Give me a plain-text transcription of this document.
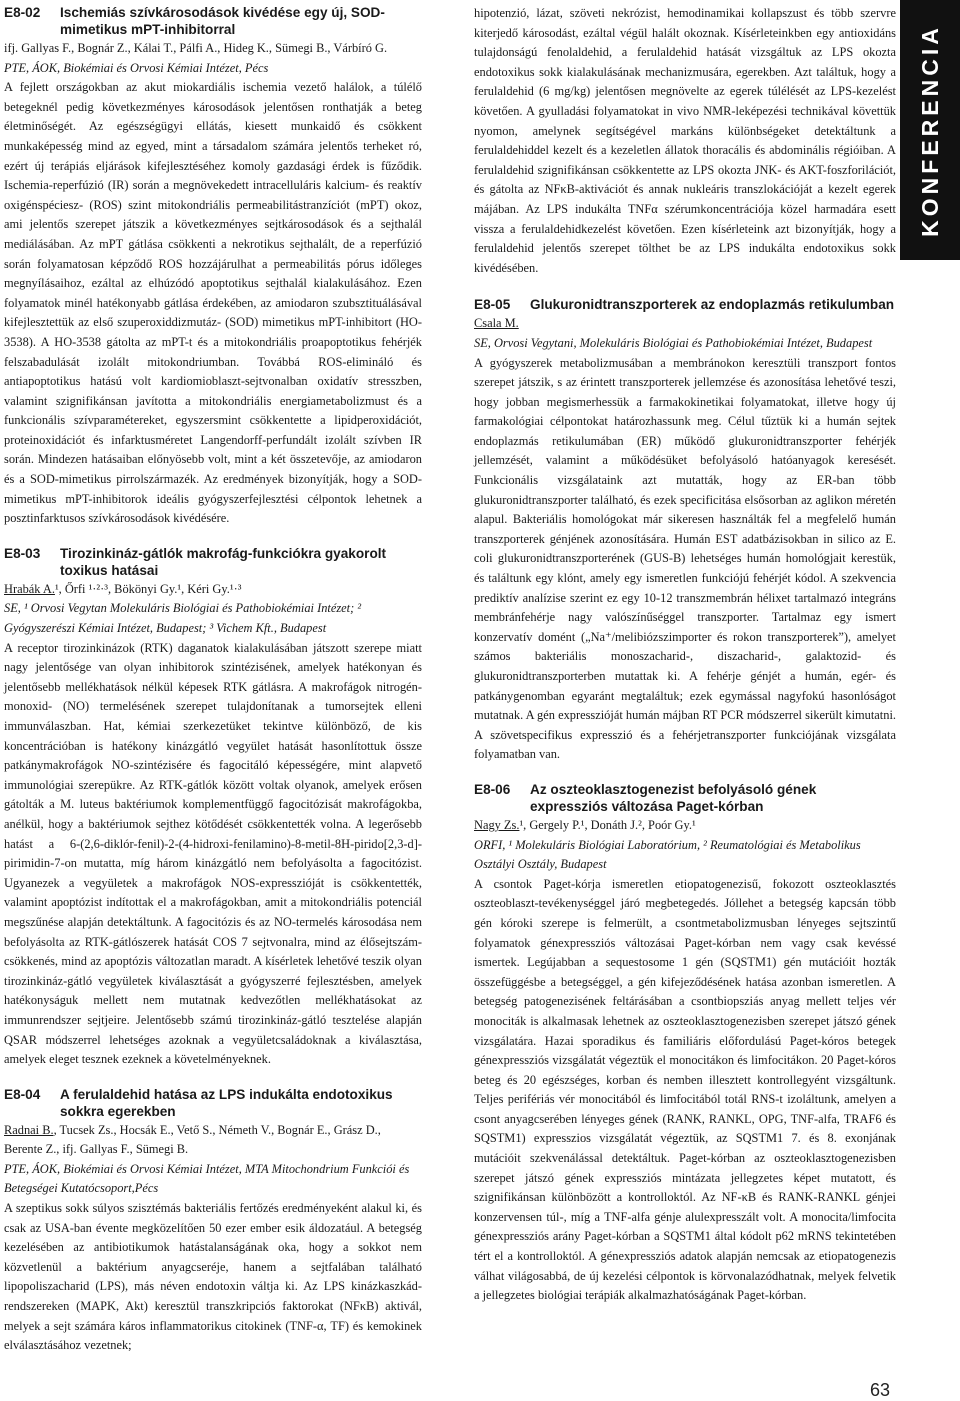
E8-02	Ischemiás szívkárosodások kivédése egy új, SOD-mimetikus mPT-inhibitorral
ifj. Gallyas F., Bognár Z., Kálai T., Pálfi A., Hideg K., Sümegi B., Várbíró G.
PTE, ÁOK, Biokémiai és Orvosi Kémiai Intézet, Pécs

A fejlett országokban az akut miokardiális ischemia vezető halálok, a túlélő betegeknél pedig következményes károsodások jelentősen ronthatják a beteg életminőségét. Az egészségügyi ellátás, kiesett munkaidő és csökkent munkaképesség mind az egyed, mint a társadalom számára jelentős terheket ró, ezért új terápiás eljárások kifejlesztéséhez komoly gazdasági érdek is fűződik. Ischemia-reperfúzió (IR) során a megnövekedett intracelluláris kalcium- és reaktív oxigénspéciesz- (ROS) szint mitokondriális permeabilitástranzíciót (mPT) okoz, ami jelentős szerepet játszik a következményes sejtkárosodások és a sejthalál mediálásában. Az mPT gátlása csökkenti a nekrotikus sejthalált, de a reperfúzió során folyamatosan képződő ROS hozzájárulhat a permeabilitás pórus időleges megnyílásaihoz, ezáltal az elhúzódó apoptotikus sejthalál kialakulásához. Ezen folyamatok minél hatékonyabb gátlása érdekében, az amiodaron szubsztituálásával kifejlesztettük az első szuperoxiddizmutáz- (SOD) mimetikus mPT-inhibitort (HO-3538). A HO-3538 gátolta az mPT-t és a mitokondriális proapoptotikus fehérjék felszabadulását izolált mitokondriumban. Továbbá ROS-elimináló és antiapoptotikus hatású volt kardiomioblaszt-sejtvonalban oxidatív stresszben, valamint szignifikánsan javította a mitokondriális energiametabolizmust és a funkcionális szívparamétereket, egyszersmint csökkentette a lipidperoxidációt, proteinoxidációt és infarktusméretet Langendorff-perfundált izolált szívben IR során. Mindezen hatásaiban előnyösebb volt, mint a két összetevője, az amiodaron és a SOD-mimetikus pirrolszármazék. Az eredmények bizonyítják, hogy a SOD-mimetikus mPT-inhibitorok ideális gyógyszerfejlesztési célpontok lehetnek a posztinfarktusos szívkárosodások kivédésére.

E8-03	Tirozinkináz-gátlók makrofág-funkciókra gyakorolt toxikus hatásai
Hrabák A.¹, Őrfi ¹·²·³, Bökönyi Gy.¹, Kéri Gy.¹·³
SE, ¹ Orvosi Vegytan Molekuláris Biológiai és Pathobiokémiai Intézet; ² Gyógyszerészi Kémiai Intézet, Budapest; ³ Vichem Kft., Budapest

A receptor tirozinkinázok (RTK) daganatok kialakulásában játszott szerepe miatt nagy jelentősége van olyan inhibitorok szintézisének, amelyek hatékonyan és jelentősebb mellékhatások nélkül képesek RTK gátlásra. A makrofágok nitrogén-monoxid- (NO) termelésének szerepet tulajdonítanak a tumorsejtek elleni immunválaszban. Hat, kémiai szerkezetüket tekintve különböző, de kis koncentrációban is hatékony kinázgátló vegyület hatását hasonlítottuk össze patkánymakrofágok NO-szintézisére és fagocitáló képességére, mint alapvető immunológiai szerepükre. Az RTK-gátlók között voltak olyanok, amelyek erősen gátolták a M. luteus baktériumok komplementfüggő fagocitózisát makrofágokba, anélkül, hogy a baktériumok sejthez kötődését csökkentették volna. A legerősebb hatást a 6-(2,6-diklór-fenil)-2-(4-hidroxi-fenilamino)-8-metil-8H-pirido[2,3-d]-pirimidin-7-on mutatta, míg három kinázgátló nem befolyásolta a fagocitózist. Ugyanezek a vegyületek a makrofágok NOS-expresszióját is csökkentették, valamint apoptózist indítottak el a makrofágokban, amit a mitokondriális potenciál megszűnése alapján detektáltunk. A fagocitózis és az NO-termelés károsodása nem befolyásolta az RTK-gátlószerek hatását COS 7 sejtvonalra, mind az élősejtszám-csökkenés, mind az apoptózis változatlan maradt. A kísérletek lehetővé teszik olyan tirozinkináz-gátló vegyületek kiválasztását a gyógyszerré fejlesztésben, amelyek hatékonyságuk mellett nem mutatnak kedvezőtlen mellékhatásokat az immunrendszer sejtjeire. Jelentősebb számú tirozinkináz-gátló tesztelése alapján QSAR módszerrel lehetséges azoknak a vegyületcsaládoknak a kiválasztása, amelyek eleget tesznek ezeknek a követelményeknek.

E8-04	A ferulaldehid hatása az LPS indukálta endotoxikus sokkra egerekben
Radnai B., Tucsek Zs., Hocsák E., Vető S., Németh V., Bognár E., Grász D., Berente Z., ifj. Gallyas F., Sümegi B.
PTE, ÁOK, Biokémiai és Orvosi Kémiai Intézet, MTA Mitochondrium Funkciói és Betegségei Kutatócsoport,Pécs

A szeptikus sokk súlyos szisztémás bakteriális fertőzés eredményeként alakul ki, és csak az USA-ban évente megközelítően 50 ezer ember esik áldozatául. A betegség kezelésében az antibiotikumok hatástalanságának oka, hogy a sokkot nem közvetlenül a baktérium anyagcseréje, hanem a sejtfalában található lipopoliszacharid (LPS), más néven endotoxin váltja ki. Az LPS kinázkaszkád-rendszereken (MAPK, Akt) keresztül transzkripciós faktorokat (NFκB) aktivál, melyek a sejt számára káros inflammatorikus citokinek (TNF-α, TF) és kemokinek elválasztásához vezetnek;

hipotenzió, lázat, szöveti nekrózist, hemodinamikai kollapszust és több szervre kiterjedő károsodást, ezáltal végül halált okoznak. Kísérleteinkben egy antioxidáns tulajdonságú fenolaldehid, a ferulaldehid hatását vizsgáltuk az LPS okozta endotoxikus sokk kialakulásának mechanizmusára, egerekben. Azt találtuk, hogy a ferulaldehid (6 mg/kg) jelentősen megnövelte az egerek túlélését az LPS-kezelést követően. A gyulladási folyamatokat in vivo NMR-leképezési technikával követtük nyomon, amelynek segítségével markáns különbségeket detektáltunk a ferulaldehiddel kezelt és a kezeletlen állatok thoracális és abdominális régióiban. A ferulaldehid szignifikánsan csökkentette az LPS okozta JNK- és AKT-foszforilációt, és gátolta az NFκB-aktivációt és annak nukleáris transzlokációját a kezelt egerek májában. Az LPS indukálta TNFα szérumkoncentrációja közel harmadára esett vissza a ferulaldehidkezelést követően. Ezen kísérleteink azt bizonyítják, hogy a ferulaldehid jelentős szerepet tölthet be az LPS indukálta endotoxikus sokk kivédésében.

E8-05	Glukuronidtranszporterek az endoplazmás retikulumban
Csala M.
SE, Orvosi Vegytani, Molekuláris Biológiai és Pathobiokémiai Intézet, Budapest

A gyógyszerek metabolizmusában a membránokon keresztüli transzport fontos szerepet játszik, s az érintett transzporterek jellemzése és azonosítása lehetővé teszi, hogy jobban megismerhessük a farmakokinetikai folyamatokat, illetve hogy új farmakológiai célpontokat határozhassunk meg. Célul tűztük ki a humán sejtek endoplazmás retikulumában (ER) működő glukuronidtranszporter fehérjék jellemzését, valamint a működésüket befolyásoló hatóanyagok keresését. Funkcionális vizsgálataink azt mutatták, hogy az ER-ban több glukuronidtranszporter található, és ezek specificitása elsősorban az aglikon méretén alapul. Bakteriális homológokat már sikeresen használták fel a megfelelő humán transzporterek génjének azonosítására. Humán EST adatbázisokban in silico az E. coli glukuronidtranszporterének (GUS-B) lehetséges humán homológjait kerestük, és találtunk egy klónt, amely egy ismeretlen funkciójú fehérjét kódol. A szekvencia prediktív analízise szerint ez egy 10-12 transzmembrán hélixet tartalmazó integráns membránfehérje nagy valószínűséggel transzporter. Tartalmaz egy ismert konzervatív domént („Na⁺/melibiózszimporter és rokon transzporterek”), amelyet számos bakteriális monoszacharid-, diszacharid-, galaktozid- és glukuronidtranszporterben mutattak ki. A fehérje génjét a humán, egér- és patkánygenomban egyaránt megtaláltuk; ezek egymással nagyfokú hasonlóságot mutatnak. A gén expresszióját humán májban RT PCR módszerrel sikerült kimutatni. A szövetspecifikus expresszió és a fehérjetranszporter funkciójának vizsgálata folyamatban van.

E8-06	Az oszteoklasztogenezist befolyásoló gének expressziós változása Paget-kórban
Nagy Zs.¹, Gergely P.¹, Donáth J.², Poór Gy.¹
ORFI, ¹ Molekuláris Biológiai Laboratórium, ² Reumatológiai és Metabolikus Osztályi Osztály, Budapest

A csontok Paget-kórja ismeretlen etiopatogenezisű, fokozott oszteoklasztés oszteoblaszt-tevékenységgel járó megbetegedés. Jóllehet a betegség kapcsán több gén kóroki szerepe is felmerült, a csontmetabolizmusban lényeges sejtszintű folyamatok génexpressziós változásai Paget-kórban nem vagy csak kevéssé ismertek. Legújabban a sequestosome 1 gén (SQSTM1) gén mutációit hozták összefüggésbe a betegséggel, a gén kifejeződésének hatása azonban ismeretlen. A betegség patogenezisének feltárásában a csontbiopsziás anyag mellett teljes vér monociták is alkalmasak lehetnek az oszteoklasztogenezisben szerepet játszó gének vizsgálatára. Hazai sporadikus és familiáris előfordulású Paget-kóros betegek génexpressziós vizsgálatát végeztük el monocitákon és limfocitákon. 20 Paget-kóros beteg és 20 egészséges, korban és nemben illesztett kontrollegyént vizsgáltunk. Teljes perifériás vér monocitából és limfocitából totál RNS-t izoláltunk, amelyen a csont anyagcserében lényeges gének (RANK, RANKL, OPG, TNF-alfa, TRAF6 és SQSTM1) expresszios vizsgálatát végeztük, az SQSTM1 7. és 8. exonjának mutációit szekvenálással detektáltuk. Paget-kórban az oszteoklasztogenezisben szerepet játszó gének expressziós mintázata jellegzetes képet mutatott, és szignifikánsan különbözött a kontrolloktól. Az NF-κB és RANK-RANKL génjei konzervensen túl-, míg a TNF-alfa génje alulexpresszált volt. A monocita/limfocita génexpressziós arány Paget-kórban a SQSTM1 által kódolt p62 mRNS tekintetében tért el a kontrolloktól. A génexpressziós adatok alapján nemcsak az etiopatogenezis válhat világosabbá, de új kezelési célpontok is körvonalazódhatnak, melyek felvetik a jellegzetes biológiai terápiák alkalmazhatóságának Paget-kórban.

KONFERENCIA
63
